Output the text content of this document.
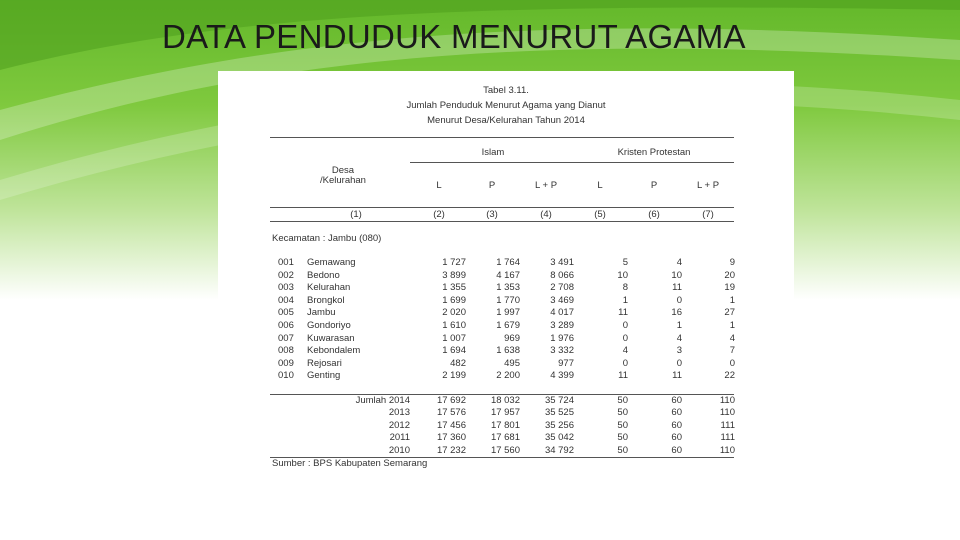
DATA PENDUDUK MENURUT AGAMA
Tabel 3.11.
Jumlah Penduduk Menurut Agama yang Dianut
Menurut Desa/Kelurahan Tahun 2014
Desa
/Kelurahan
Islam	Kristen Protestan
L	P	L + P	L	P	L + P
(1)	(2)	(3)	(4)	(5)	(6)	(7)
Kecamatan : Jambu (080)
001 Gemawang	1 727	1 764	3 491	5	4	9
002 Bedono	3 899	4 167	8 066	10	10	20
003 Kelurahan	1 355	1 353	2 708	8	11	19
004 Brongkol	1 699	1 770	3 469	1	0	1
005 Jambu	2 020	1 997	4 017	11	16	27
006 Gondoriyo	1 610	1 679	3 289	0	1	1
007 Kuwarasan	1 007	969	1 976	0	4	4
008 Kebondalem	1 694	1 638	3 332	4	3	7
009 Rejosari	482	495	977	0	0	0
010 Genting	2 199	2 200	4 399	11	11	22
Jumlah 2014	17 692	18 032	35 724	50	60	110
2013	17 576	17 957	35 525	50	60	110
2012	17 456	17 801	35 256	50	60	111
2011	17 360	17 681	35 042	50	60	111
2010	17 232	17 560	34 792	50	60	110
Sumber : BPS Kabupaten Semarang
